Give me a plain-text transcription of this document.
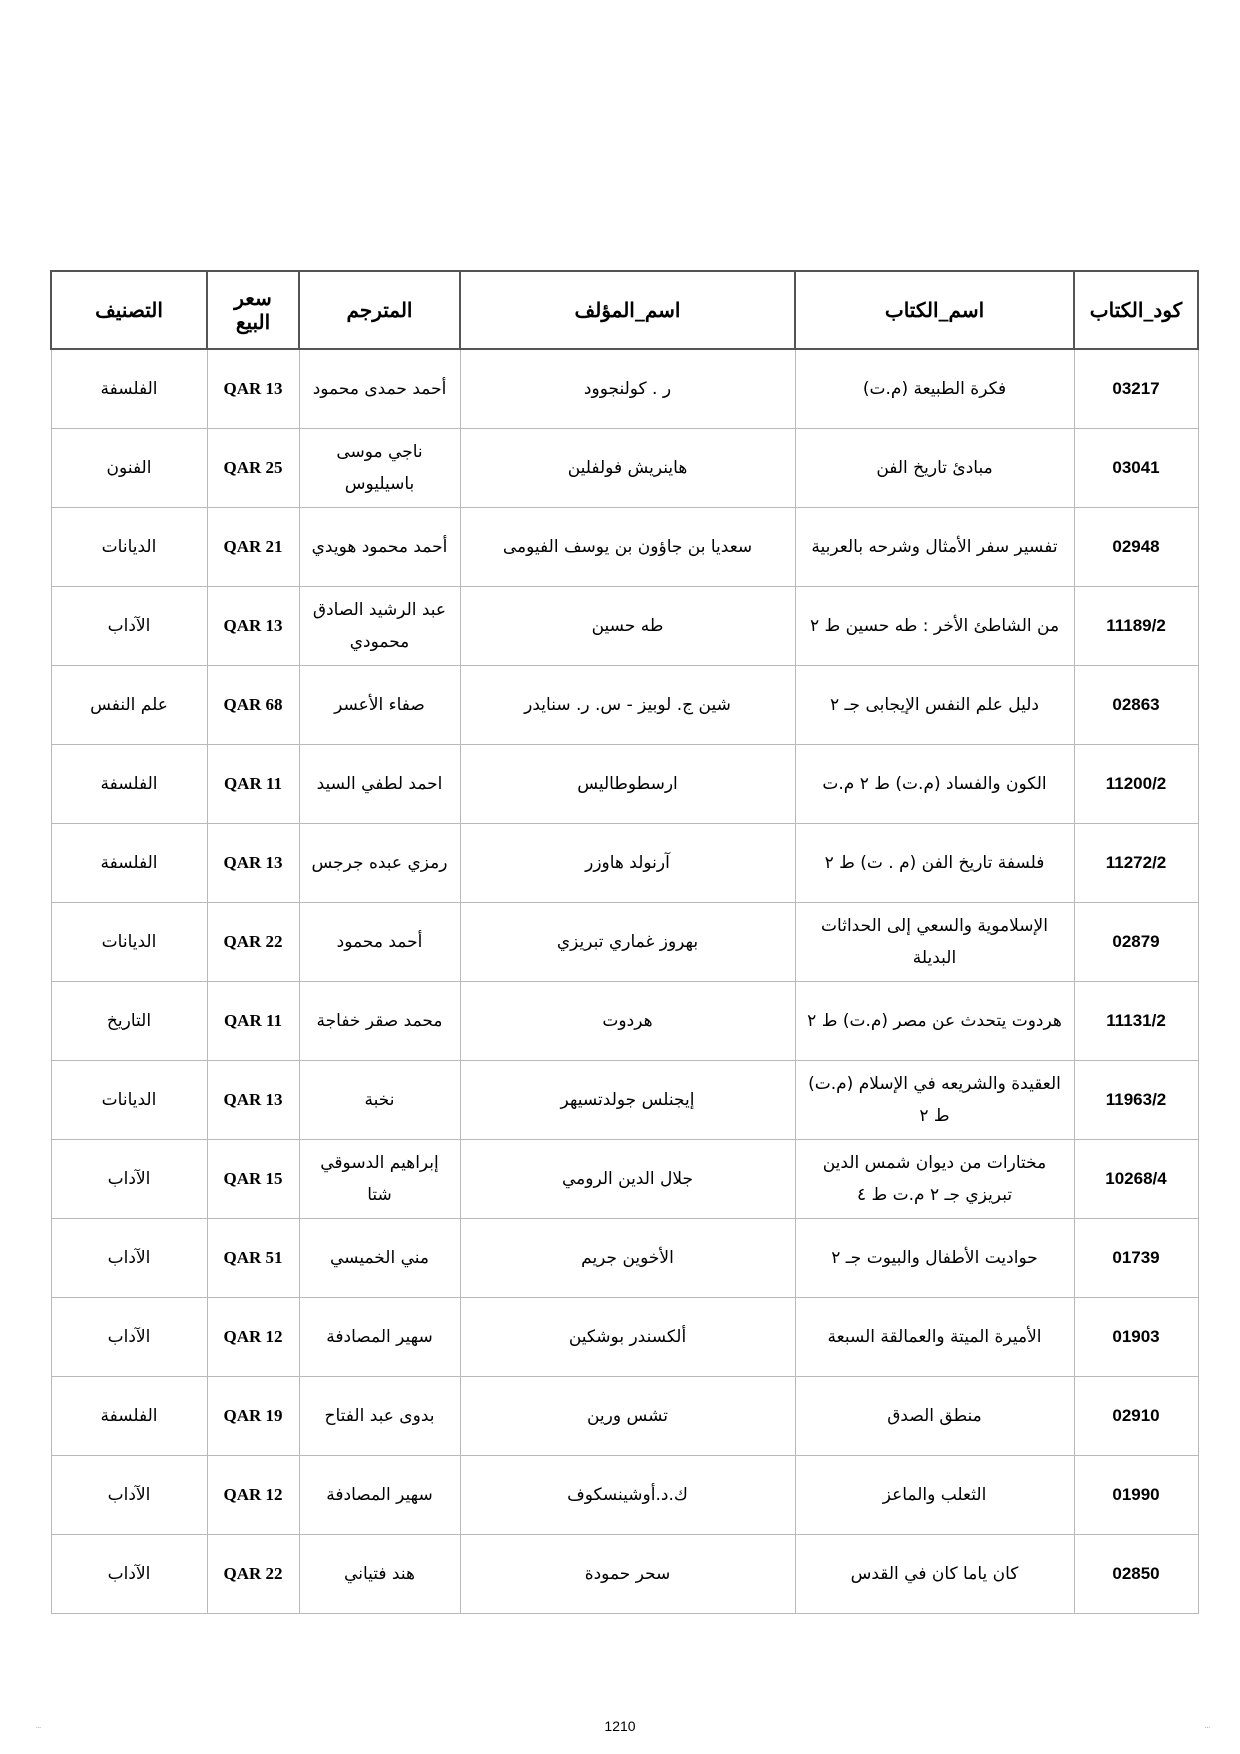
كود_الكتاب	اسم_الكتاب	اسم_المؤلف	المترجم	سعر البيع	التصنيف
03217	فكرة الطبيعة (م.ت)	ر . كولنجوود	أحمد حمدى محمود	QAR 13	الفلسفة
03041	مبادئ تاريخ الفن	هاينريش فولفلين	ناجي موسى باسيليوس	QAR 25	الفنون
02948	تفسير سفر الأمثال وشرحه بالعربية	سعديا بن جاؤون بن يوسف الفيومى	أحمد محمود هويدي	QAR 21	الديانات
11189/2	من الشاطئ الأخر : طه حسين ط ٢	طه حسين	عبد الرشيد الصادق محمودي	QAR 13	الآداب
02863	دليل علم النفس الإيجابى جـ ٢	شين ج. لوبيز - س. ر. سنايدر	صفاء الأعسر	QAR 68	علم النفس
11200/2	الكون والفساد (م.ت) ط ٢ م.ت	ارسطوطاليس	احمد لطفي السيد	QAR 11	الفلسفة
11272/2	فلسفة تاريخ الفن (م . ت) ط ٢	آرنولد هاوزر	رمزي عبده جرجس	QAR 13	الفلسفة
02879	الإسلاموية والسعي إلى الحداثات البديلة	بهروز غماري تبريزي	أحمد محمود	QAR 22	الديانات
11131/2	هردوت يتحدث عن مصر (م.ت) ط ٢	هردوت	محمد صقر خفاجة	QAR 11	التاريخ
11963/2	العقيدة والشريعه في الإسلام (م.ت) ط ٢	إيجنلس جولدتسيهر	نخبة	QAR 13	الديانات
10268/4	مختارات من ديوان شمس الدين تبريزي جـ ٢ م.ت ط ٤	جلال الدين الرومي	إبراهيم الدسوقي شتا	QAR 15	الآداب
01739	حواديت الأطفال والبيوت جـ ٢	الأخوين جريم	مني الخميسي	QAR 51	الآداب
01903	الأميرة الميتة والعمالقة السبعة	ألكسندر بوشكين	سهير المصادفة	QAR 12	الآداب
02910	منطق الصدق	تشس ورين	بدوى عبد الفتاح	QAR 19	الفلسفة
01990	الثعلب والماعز	ك.د.أوشينسكوف	سهير المصادفة	QAR 12	الآداب
02850	كان ياما كان في القدس	سحر حمودة	هند فتياني	QAR 22	الآداب
1210
…	…
